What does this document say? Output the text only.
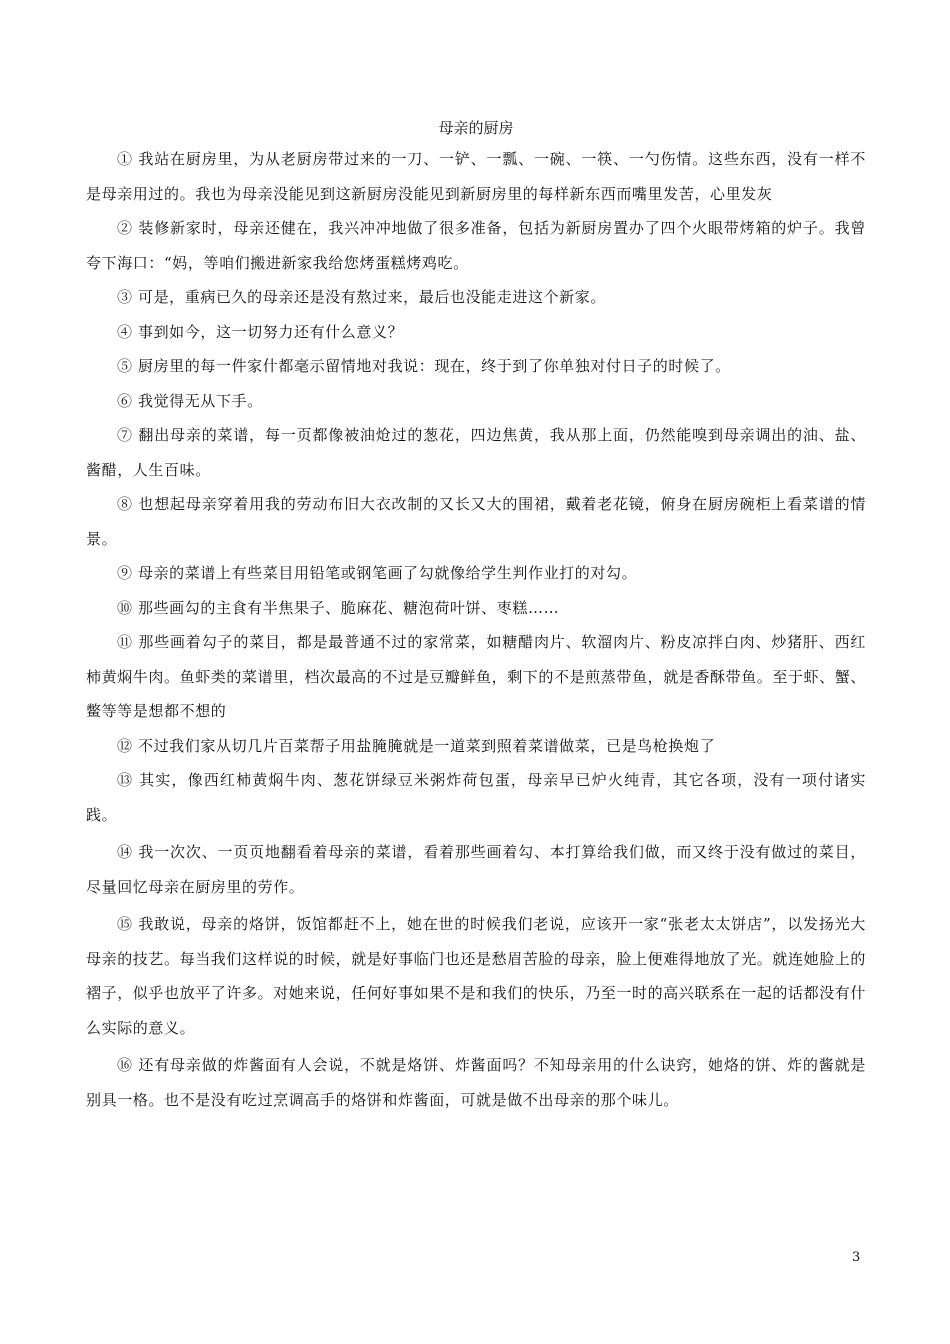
母亲的厨房

① 我站在厨房里，为从老厨房带过来的一刀、一铲、一瓢、一碗、一筷、一勺伤情。这些东西，没有一样不是母亲用过的。我也为母亲没能见到这新厨房没能见到新厨房里的每样新东西而嘴里发苦，心里发灰

② 装修新家时，母亲还健在，我兴冲冲地做了很多准备，包括为新厨房置办了四个火眼带烤箱的炉子。我曾夸下海口：“妈，等咱们搬进新家我给您烤蛋糕烤鸡吃。

③ 可是，重病已久的母亲还是没有熬过来，最后也没能走进这个新家。

④ 事到如今，这一切努力还有什么意义？

⑤ 厨房里的每一件家什都毫示留情地对我说：现在，终于到了你单独对付日子的时候了。

⑥ 我觉得无从下手。

⑦ 翻出母亲的菜谱，每一页都像被油炝过的葱花，四边焦黄，我从那上面，仍然能嗅到母亲调出的油、盐、酱醋，人生百味。

⑧ 也想起母亲穿着用我的劳动布旧大衣改制的又长又大的围裙，戴着老花镜，俯身在厨房碗柜上看菜谱的情景。

⑨ 母亲的菜谱上有些菜目用铅笔或钢笔画了勾就像给学生判作业打的对勾。

⑩ 那些画勾的主食有半焦果子、脆麻花、糖泡荷叶饼、枣糕……

⑪ 那些画着勾子的菜目，都是最普通不过的家常菜，如糖醋肉片、软溜肉片、粉皮凉拌白肉、炒猪肝、西红柿黄焖牛肉。鱼虾类的菜谱里，档次最高的不过是豆瓣鲜鱼，剩下的不是煎蒸带鱼，就是香酥带鱼。至于虾、蟹、鳖等等是想都不想的

⑫ 不过我们家从切几片百菜帮子用盐腌腌就是一道菜到照着菜谱做菜，已是鸟枪换炮了

⑬ 其实，像西红柿黄焖牛肉、葱花饼绿豆米粥炸荷包蛋，母亲早已炉火纯青，其它各项，没有一项付诸实践。

⑭ 我一次次、一页页地翻看着母亲的菜谱，看着那些画着勾、本打算给我们做，而又终于没有做过的菜目，尽量回忆母亲在厨房里的劳作。

⑮ 我敢说，母亲的烙饼，饭馆都赶不上，她在世的时候我们老说，应该开一家“张老太太饼店”，以发扬光大母亲的技艺。每当我们这样说的时候，就是好事临门也还是愁眉苦脸的母亲，脸上便难得地放了光。就连她脸上的褶子，似乎也放平了许多。对她来说，任何好事如果不是和我们的快乐，乃至一时的高兴联系在一起的话都没有什么实际的意义。

⑯ 还有母亲做的炸酱面有人会说，不就是烙饼、炸酱面吗？不知母亲用的什么诀窍，她烙的饼、炸的酱就是别具一格。也不是没有吃过烹调高手的烙饼和炸酱面，可就是做不出母亲的那个味儿。

3
